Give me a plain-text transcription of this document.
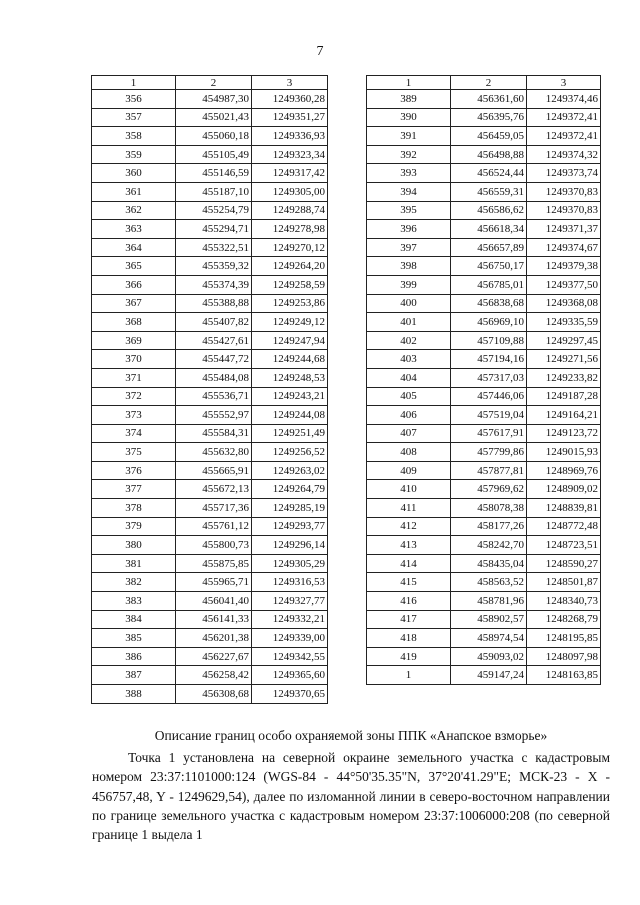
7
1	2	3
356	454987,30	1249360,28
357	455021,43	1249351,27
358	455060,18	1249336,93
359	455105,49	1249323,34
360	455146,59	1249317,42
361	455187,10	1249305,00
362	455254,79	1249288,74
363	455294,71	1249278,98
364	455322,51	1249270,12
365	455359,32	1249264,20
366	455374,39	1249258,59
367	455388,88	1249253,86
368	455407,82	1249249,12
369	455427,61	1249247,94
370	455447,72	1249244,68
371	455484,08	1249248,53
372	455536,71	1249243,21
373	455552,97	1249244,08
374	455584,31	1249251,49
375	455632,80	1249256,52
376	455665,91	1249263,02
377	455672,13	1249264,79
378	455717,36	1249285,19
379	455761,12	1249293,77
380	455800,73	1249296,14
381	455875,85	1249305,29
382	455965,71	1249316,53
383	456041,40	1249327,77
384	456141,33	1249332,21
385	456201,38	1249339,00
386	456227,67	1249342,55
387	456258,42	1249365,60
388	456308,68	1249370,65
1	2	3
389	456361,60	1249374,46
390	456395,76	1249372,41
391	456459,05	1249372,41
392	456498,88	1249374,32
393	456524,44	1249373,74
394	456559,31	1249370,83
395	456586,62	1249370,83
396	456618,34	1249371,37
397	456657,89	1249374,67
398	456750,17	1249379,38
399	456785,01	1249377,50
400	456838,68	1249368,08
401	456969,10	1249335,59
402	457109,88	1249297,45
403	457194,16	1249271,56
404	457317,03	1249233,82
405	457446,06	1249187,28
406	457519,04	1249164,21
407	457617,91	1249123,72
408	457799,86	1249015,93
409	457877,81	1248969,76
410	457969,62	1248909,02
411	458078,38	1248839,81
412	458177,26	1248772,48
413	458242,70	1248723,51
414	458435,04	1248590,27
415	458563,52	1248501,87
416	458781,96	1248340,73
417	458902,57	1248268,79
418	458974,54	1248195,85
419	459093,02	1248097,98
1	459147,24	1248163,85

Описание границ особо охраняемой зоны ППК «Анапское взморье»

Точка 1 установлена на северной окраине земельного участка с кадастровым номером 23:37:1101000:124 (WGS-84 - 44°50'35.35"N, 37°20'41.29"E; МСК-23 - X - 456757,48, Y - 1249629,54), далее по изломанной линии в северо-восточном направлении по границе земельного участка с кадастровым номером 23:37:1006000:208 (по северной границе 1 выдела 1
